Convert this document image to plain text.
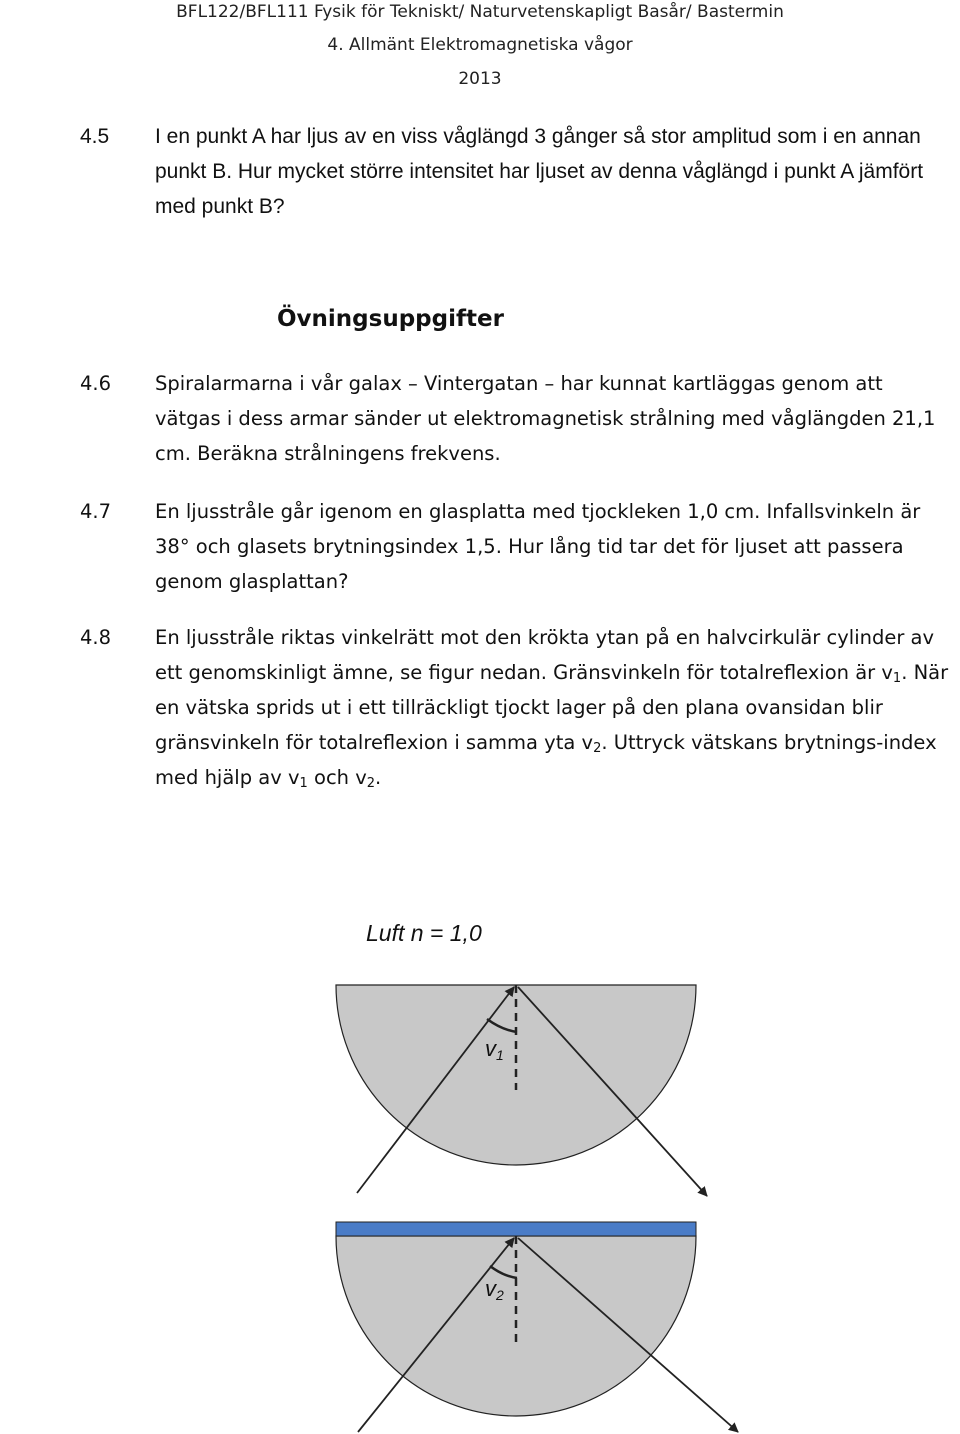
BFL122/BFL111 Fysik för Tekniskt/ Naturvetenskapligt Basår/ Bastermin
4. Allmänt Elektromagnetiska vågor
2013
4.5 I en punkt A har ljus av en viss våglängd 3 gånger så stor amplitud som i en annan punkt B. Hur mycket större intensitet har ljuset av denna våglängd i punkt A jämfört med punkt B?
Övningsuppgifter
4.6 Spiralarmarna i vår galax – Vintergatan – har kunnat kartläggas genom att vätgas i dess armar sänder ut elektromagnetisk strålning med våglängden 21,1 cm. Beräkna strålningens frekvens.
4.7 En ljusstråle går igenom en glasplatta med tjockleken 1,0 cm. Infallsvinkeln är 38° och glasets brytningsindex 1,5. Hur lång tid tar det för ljuset att passera genom glasplattan?
4.8 En ljusstråle riktas vinkelrätt mot den krökta ytan på en halvcirkulär cylinder av ett genomskinligt ämne, se figur nedan. Gränsvinkeln för totalreflexion är $v_1$. När en vätska sprids ut i ett tillräckligt tjockt lager på den plana ovansidan blir gränsvinkeln för totalreflexion i samma yta $v_2$. Uttryck vätskans brytnings-index med hjälp av $v_1$ och $v_2$.
Luft n = 1,0
v1
v2
